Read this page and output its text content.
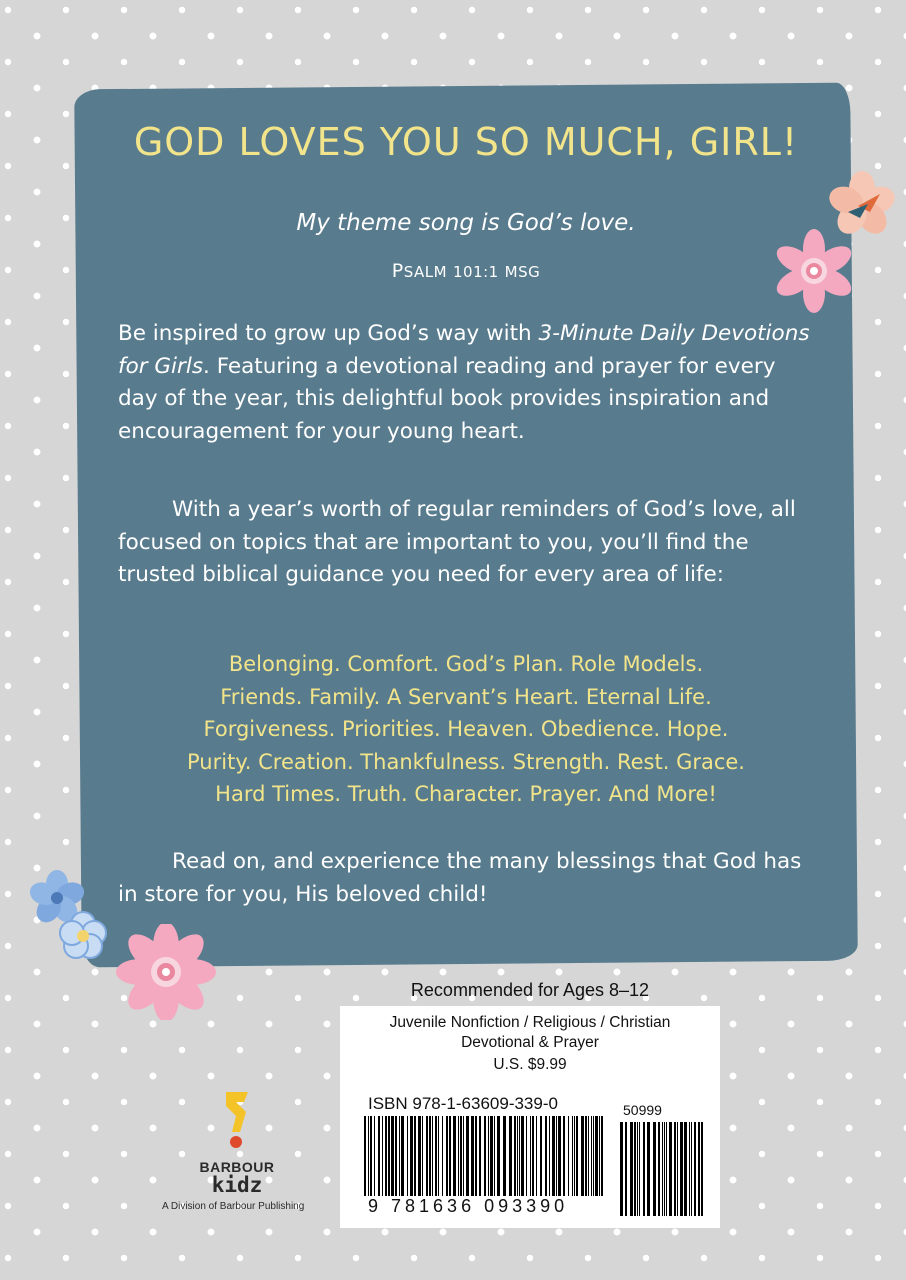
GOD LOVES YOU SO MUCH, GIRL!
My theme song is God’s love.
PSALM 101:1 MSG
Be inspired to grow up God’s way with 3-Minute Daily Devotions for Girls. Featuring a devotional reading and prayer for every day of the year, this delightful book provides inspiration and encouragement for your young heart.
With a year’s worth of regular reminders of God’s love, all focused on topics that are important to you, you’ll find the trusted biblical guidance you need for every area of life:
Belonging. Comfort. God’s Plan. Role Models.
Friends. Family. A Servant’s Heart. Eternal Life.
Forgiveness. Priorities. Heaven. Obedience. Hope.
Purity. Creation. Thankfulness. Strength. Rest. Grace.
Hard Times. Truth. Character. Prayer. And More!
Read on, and experience the many blessings that God has in store for you, His beloved child!
Recommended for Ages 8–12
Juvenile Nonfiction / Religious / Christian
Devotional & Prayer
U.S. $9.99
ISBN 978-1-63609-339-0	50999
9 781636 093390
BARBOUR
kidz
A Division of Barbour Publishing
